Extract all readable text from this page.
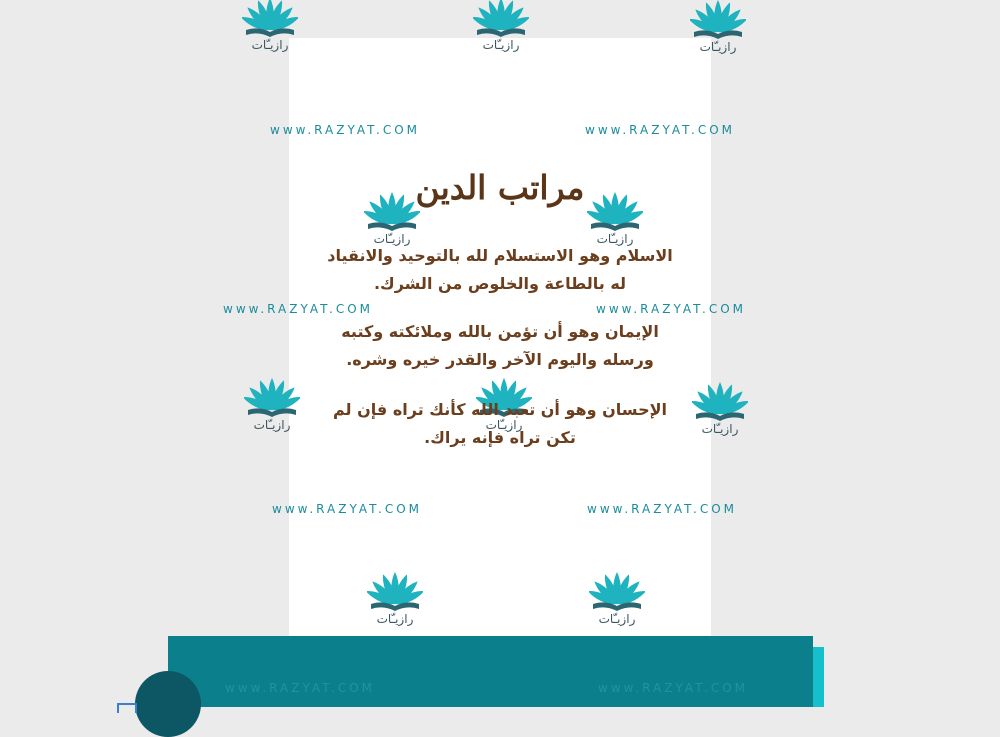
www.RAZYAT.COM	www.RAZYAT.COM
www.RAZYAT.COM	www.RAZYAT.COM
www.RAZYAT.COM	www.RAZYAT.COM
www.RAZYAT.COM	www.RAZYAT.COM
رازيـّات	رازيـّات	رازيـّات
رازيـّات	رازيـّات
رازيـّات	رازيـّات	رازيـّات
رازيـّات	رازيـّات
مراتب الدين
الاسلام وهو الاستسلام لله بالتوحيد والانقياد له بالطاعة والخلوص من الشرك.
الإيمان وهو أن تؤمن بالله وملائكته وكتبه ورسله واليوم الآخر والقدر خيره وشره.
الإحسان وهو أن تعبد الله كأنك تراه فإن لم تكن تراه فإنه يراك.
